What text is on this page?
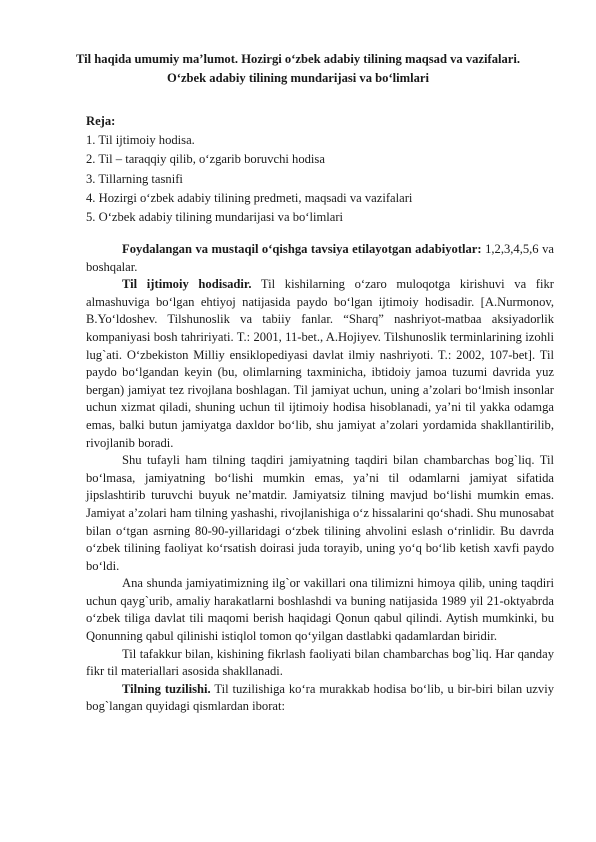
Til haqida umumiy ma’lumot. Hozirgi o‘zbek adabiy tilining maqsad va vazifalari.
O‘zbek adabiy tilining mundarijasi va bo‘limlari
Reja:
1. Til ijtimoiy hodisa.
2. Til – taraqqiy qilib, o‘zgarib boruvchi hodisa
3. Tillarning tasnifi
4. Hozirgi o‘zbek adabiy tilining predmeti, maqsadi va vazifalari
5. O‘zbek adabiy tilining mundarijasi va bo‘limlari

Foydalangan va mustaqil o‘qishga tavsiya etilayotgan adabiyotlar: 1,2,3,4,5,6 va boshqalar.

Til ijtimoiy hodisadir. Til kishilarning o‘zaro muloqotga kirishuvi va fikr almashuviga bo‘lgan ehtiyoj natijasida paydo bo‘lgan ijtimoiy hodisadir. [A.Nurmonov, B.Yo‘ldoshev. Tilshunoslik va tabiiy fanlar. “Sharq” nashriyot-matbaa aksiyadorlik kompaniyasi bosh tahririyati. T.: 2001, 11-bet., A.Hojiyev. Tilshunoslik terminlarining izohli lug`ati. O‘zbekiston Milliy ensiklopediyasi davlat ilmiy nashriyoti. T.: 2002, 107-bet]. Til paydo bo‘lgandan keyin (bu, olimlarning taxminicha, ibtidoiy jamoa tuzumi davrida yuz bergan) jamiyat tez rivojlana boshlagan. Til jamiyat uchun, uning a’zolari bo‘lmish insonlar uchun xizmat qiladi, shuning uchun til ijtimoiy hodisa hisoblanadi, ya’ni til yakka odamga emas, balki butun jamiyatga daxldor bo‘lib, shu jamiyat a’zolari yordamida shakllantirilib, rivojlanib boradi.

Shu tufayli ham tilning taqdiri jamiyatning taqdiri bilan chambarchas bog`liq. Til bo‘lmasa, jamiyatning bo‘lishi mumkin emas, ya’ni til odamlarni jamiyat sifatida jipslashtirib turuvchi buyuk ne’matdir. Jamiyatsiz tilning mavjud bo‘lishi mumkin emas. Jamiyat a’zolari ham tilning yashashi, rivojlanishiga o‘z hissalarini qo‘shadi. Shu munosabat bilan o‘tgan asrning 80-90-yillaridagi o‘zbek tilining ahvolini eslash o‘rinlidir. Bu davrda o‘zbek tilining faoliyat ko‘rsatish doirasi juda torayib, uning yo‘q bo‘lib ketish xavfi paydo bo‘ldi.

Ana shunda jamiyatimizning ilg`or vakillari ona tilimizni himoya qilib, uning taqdiri uchun qayg`urib, amaliy harakatlarni boshlashdi va buning natijasida 1989 yil 21-oktyabrda o‘zbek tiliga davlat tili maqomi berish haqidagi Qonun qabul qilindi. Aytish mumkinki, bu Qonunning qabul qilinishi istiqlol tomon qo‘yilgan dastlabki qadamlardan biridir.

Til tafakkur bilan, kishining fikrlash faoliyati bilan chambarchas bog`liq. Har qanday fikr til materiallari asosida shakllanadi.

Tilning tuzilishi. Til tuzilishiga ko‘ra murakkab hodisa bo‘lib, u bir-biri bilan uzviy bog`langan quyidagi qismlardan iborat:
